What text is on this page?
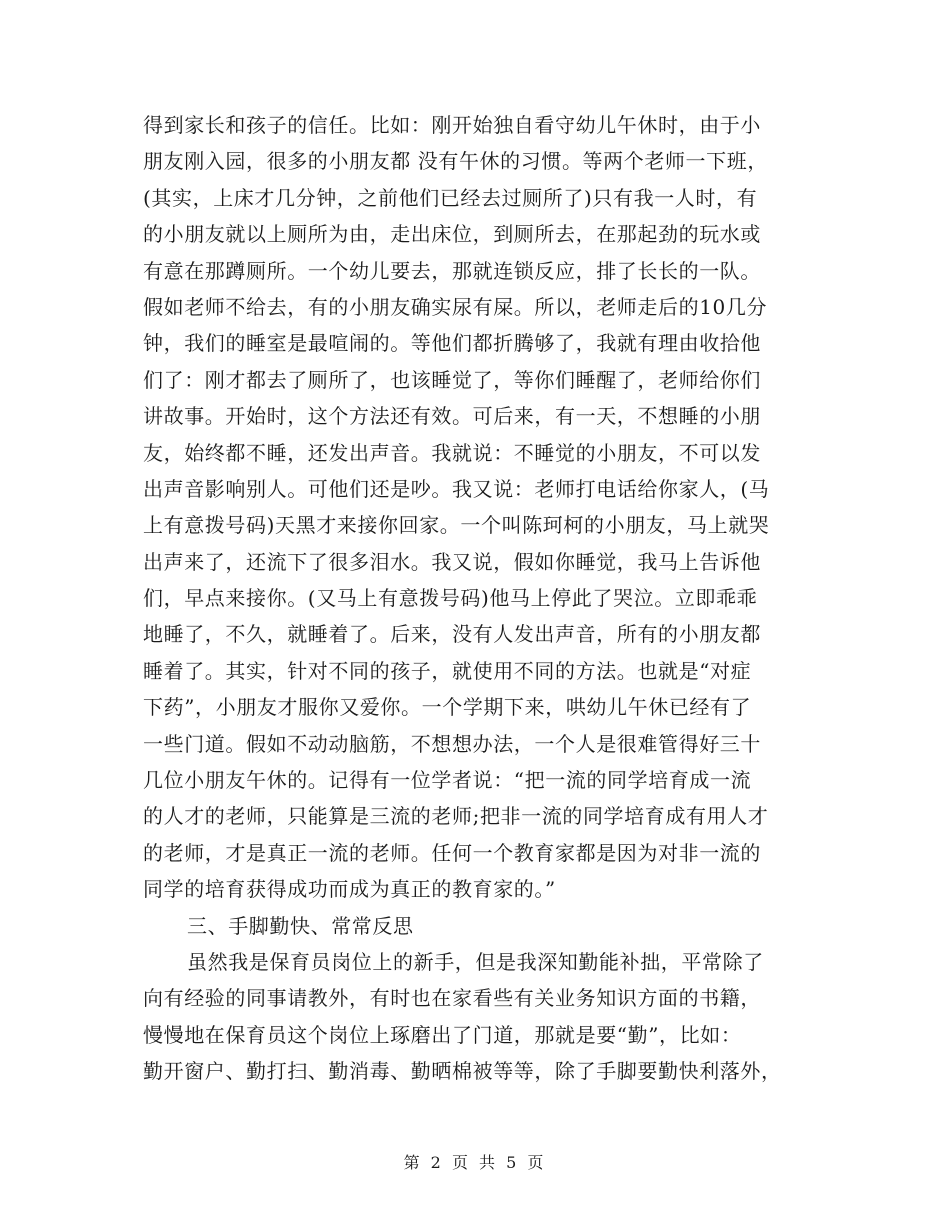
得到家长和孩子的信任。比如：刚开始独自看守幼儿午休时，由于小
朋友刚入园，很多的小朋友都 没有午休的习惯。等两个老师一下班，
(其实，上床才几分钟，之前他们已经去过厕所了)只有我一人时，有
的小朋友就以上厕所为由，走出床位，到厕所去，在那起劲的玩水或
有意在那蹲厕所。一个幼儿要去，那就连锁反应，排了长长的一队。
假如老师不给去，有的小朋友确实尿有屎。所以，老师走后的10几分
钟，我们的睡室是最喧闹的。等他们都折腾够了，我就有理由收拾他
们了：刚才都去了厕所了，也该睡觉了，等你们睡醒了，老师给你们
讲故事。开始时，这个方法还有效。可后来，有一天，不想睡的小朋
友，始终都不睡，还发出声音。我就说：不睡觉的小朋友，不可以发
出声音影响别人。可他们还是吵。我又说：老师打电话给你家人，(马
上有意拨号码)天黑才来接你回家。一个叫陈珂柯的小朋友，马上就哭
出声来了，还流下了很多泪水。我又说，假如你睡觉，我马上告诉他
们，早点来接你。(又马上有意拨号码)他马上停此了哭泣。立即乖乖
地睡了，不久，就睡着了。后来，没有人发出声音，所有的小朋友都
睡着了。其实，针对不同的孩子，就使用不同的方法。也就是“对症
下药”，小朋友才服你又爱你。一个学期下来，哄幼儿午休已经有了
一些门道。假如不动动脑筋，不想想办法，一个人是很难管得好三十
几位小朋友午休的。记得有一位学者说：“把一流的同学培育成一流
的人才的老师，只能算是三流的老师;把非一流的同学培育成有用人才
的老师，才是真正一流的老师。任何一个教育家都是因为对非一流的
同学的培育获得成功而成为真正的教育家的。”
三、手脚勤快、常常反思
虽然我是保育员岗位上的新手，但是我深知勤能补拙，平常除了
向有经验的同事请教外，有时也在家看些有关业务知识方面的书籍，
慢慢地在保育员这个岗位上琢磨出了门道，那就是要“勤”，比如：
勤开窗户、勤打扫、勤消毒、勤晒棉被等等，除了手脚要勤快利落外，
第 2 页 共 5 页
